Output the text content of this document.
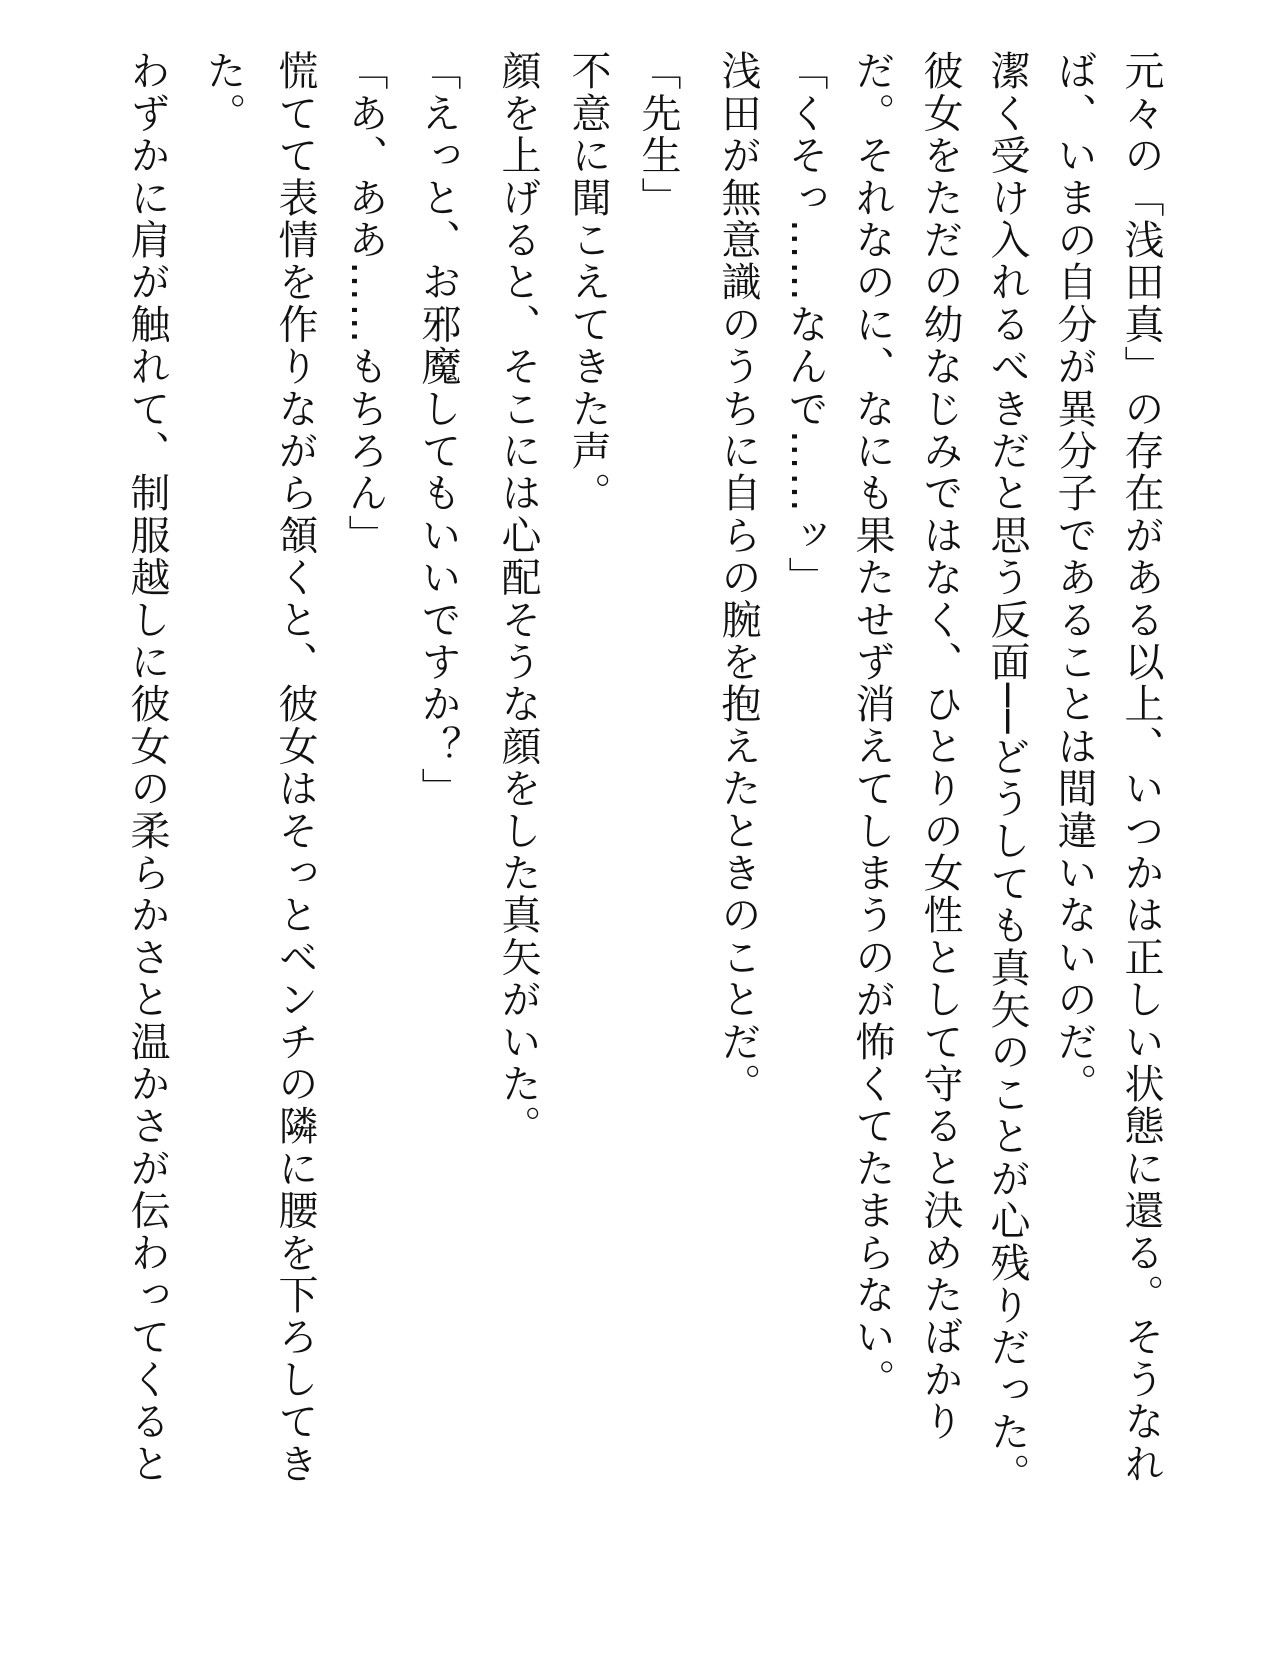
元々の「浅田真」の存在がある以上、いつかは正しい状態に還る。そうなれ
ば、いまの自分が異分子であることは間違いないのだ。
潔く受け入れるべきだと思う反面──どうしても真矢のことが心残りだった。
彼女をただの幼なじみではなく、ひとりの女性として守ると決めたばかり
だ。それなのに、なにも果たせず消えてしまうのが怖くてたまらない。
「くそっ……なんで……ッ」
浅田が無意識のうちに自らの腕を抱えたときのことだ。
「先生」
不意に聞こえてきた声。
顔を上げると、そこには心配そうな顔をした真矢がいた。
「えっと、お邪魔してもいいですか？」
「あ、ああ……もちろん」
慌てて表情を作りながら頷くと、彼女はそっとベンチの隣に腰を下ろしてき
た。
わずかに肩が触れて、制服越しに彼女の柔らかさと温かさが伝わってくると
